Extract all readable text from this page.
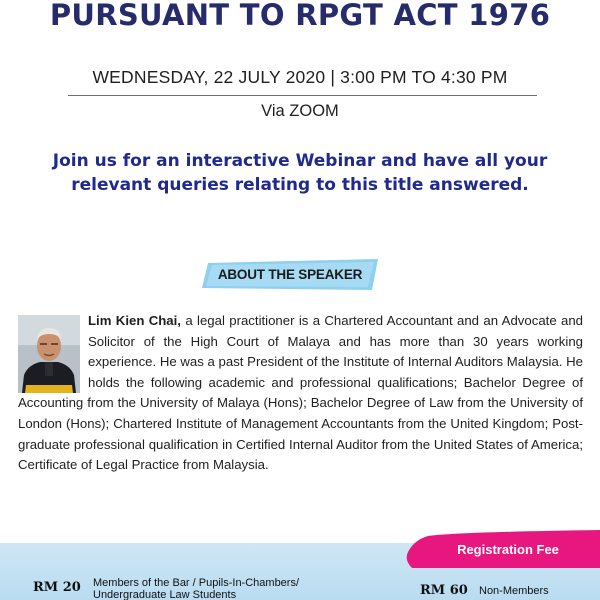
PURSUANT TO RPGT ACT 1976
WEDNESDAY, 22 JULY 2020 | 3:00 PM TO 4:30 PM
Via ZOOM
Join us for an interactive Webinar and have all your relevant queries relating to this title answered.
ABOUT THE SPEAKER
Lim Kien Chai, a legal practitioner is a Chartered Accountant and an Advocate and Solicitor of the High Court of Malaya and has more than 30 years working experience. He was a past President of the Institute of Internal Auditors Malaysia. He holds the following academic and professional qualifications; Bachelor Degree of Accounting from the University of Malaya (Hons); Bachelor Degree of Law from the University of London (Hons); Chartered Institute of Management Accountants from the United Kingdom; Post-graduate professional qualification in Certified Internal Auditor from the United States of America; Certificate of Legal Practice from Malaysia.
Registration Fee
RM 20 Members of the Bar / Pupils-In-Chambers/ Undergraduate Law Students	RM 60 Non-Members
